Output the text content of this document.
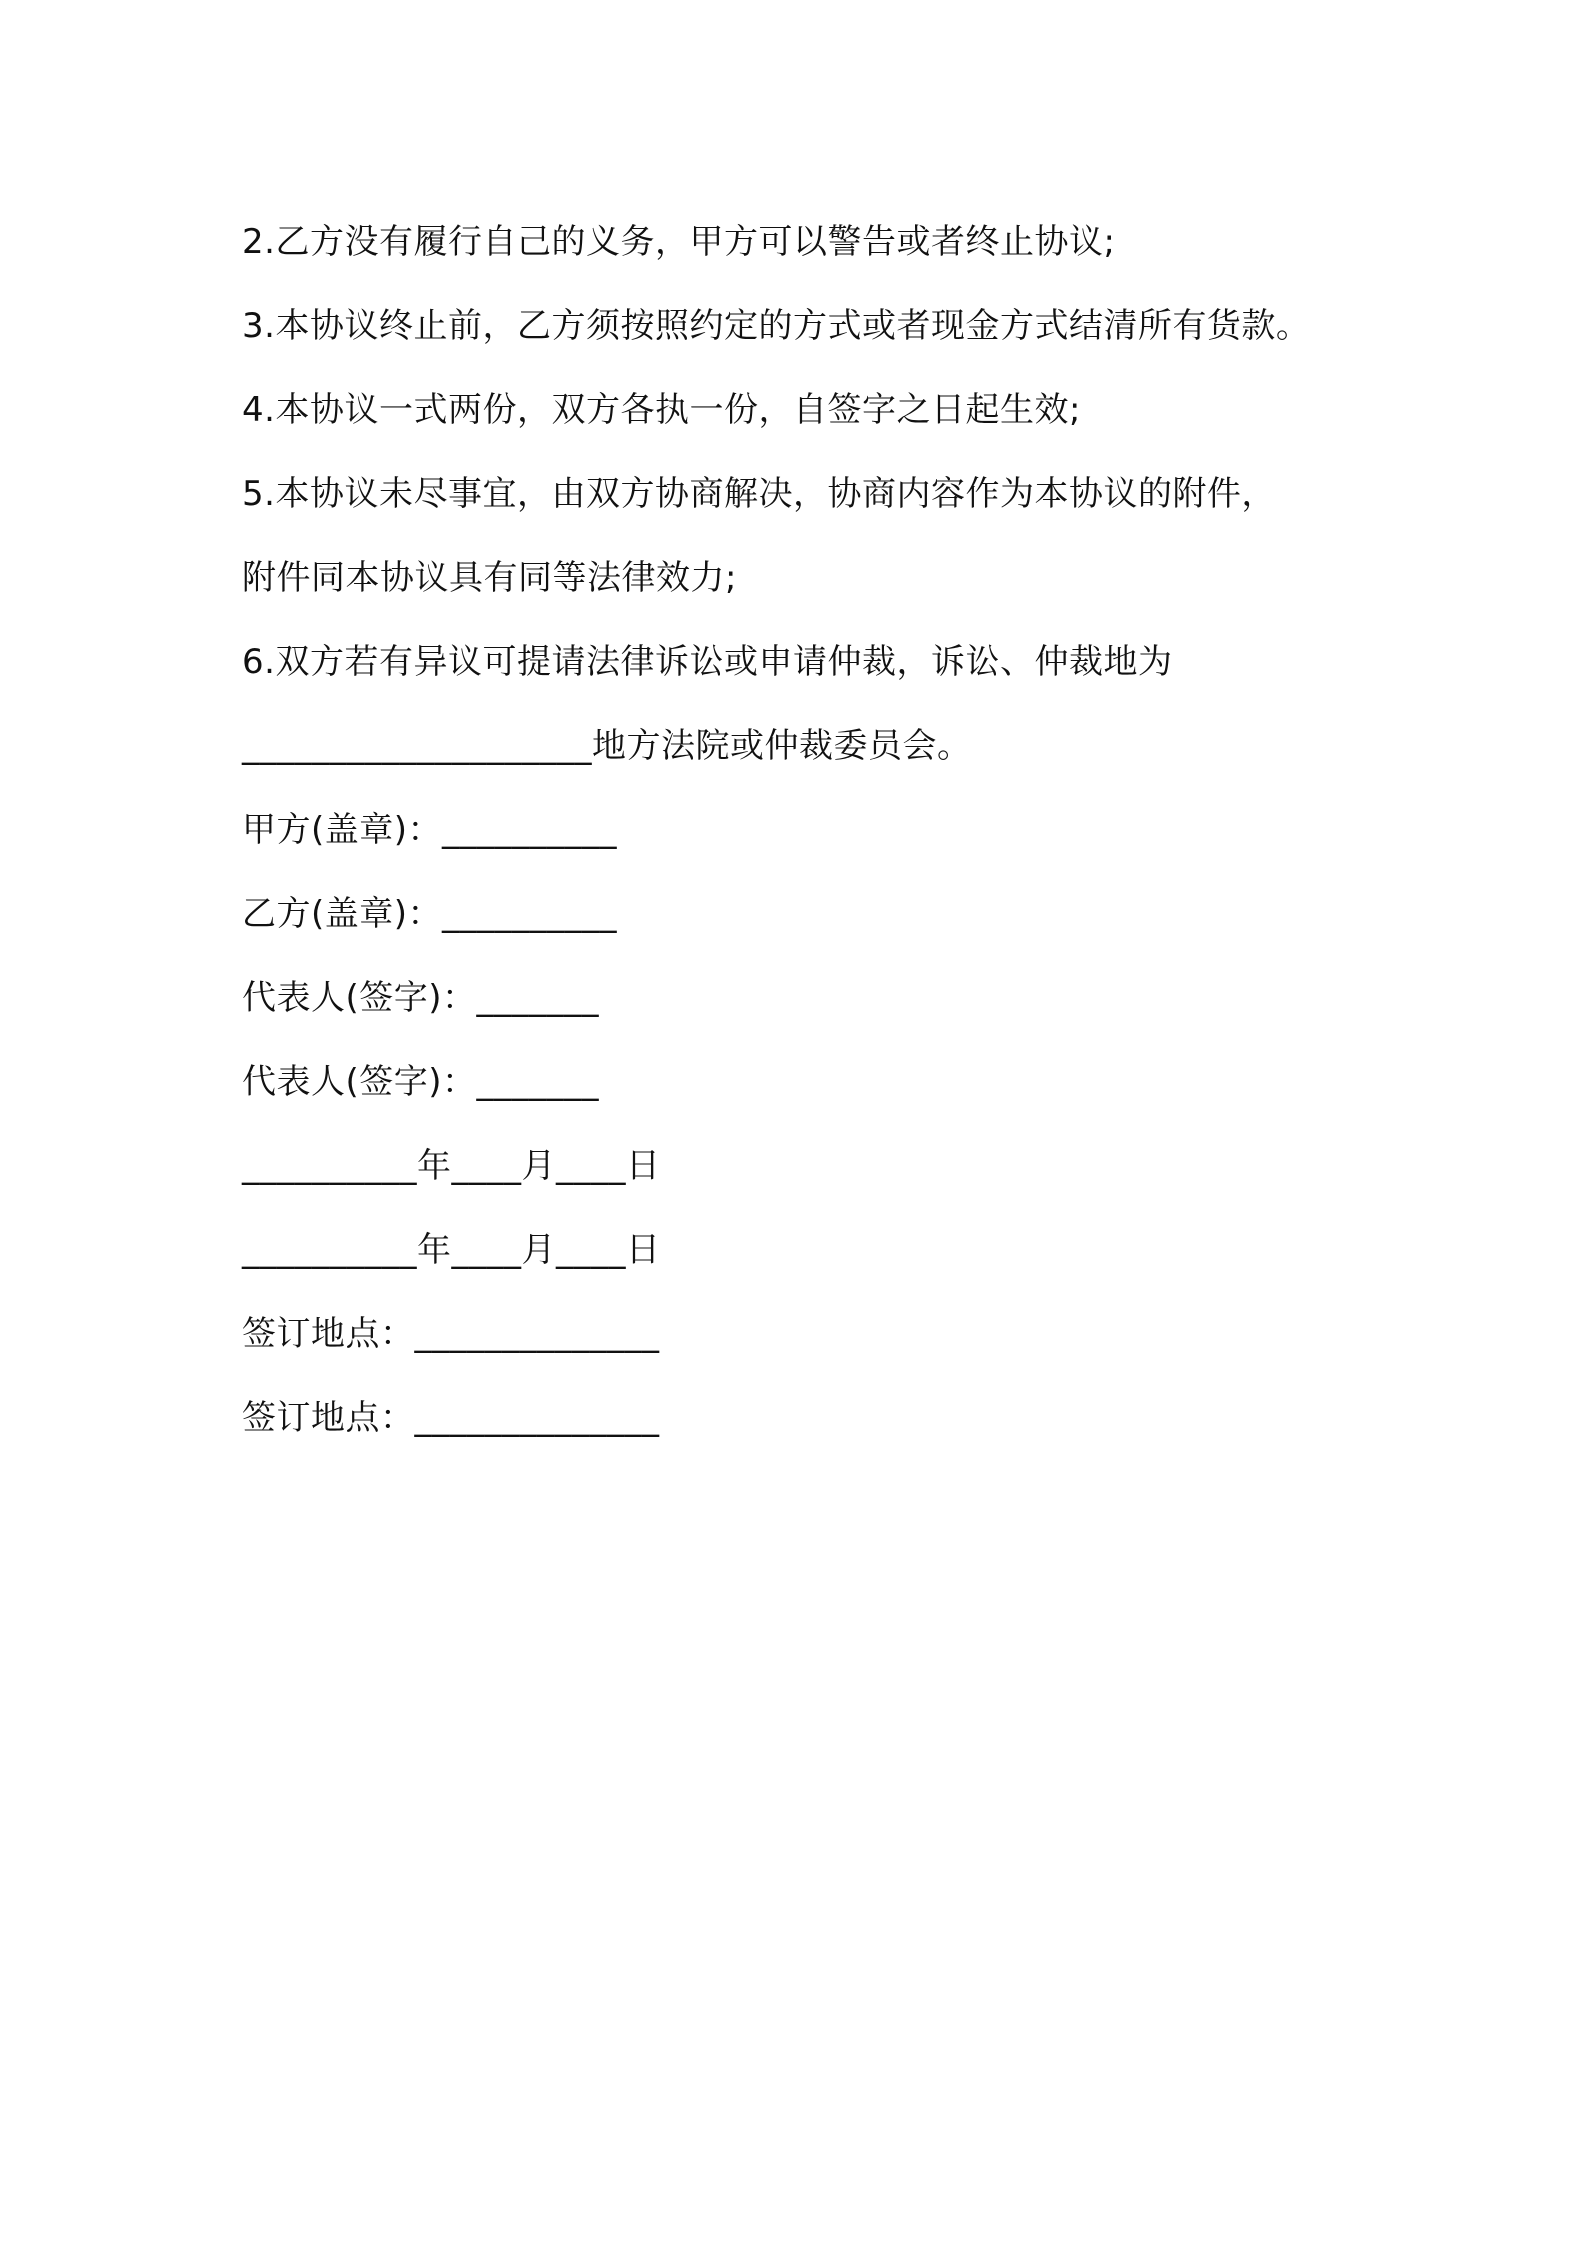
2.乙方没有履行自己的义务，甲方可以警告或者终止协议;
3.本协议终止前，乙方须按照约定的方式或者现金方式结清所有货款。
4.本协议一式两份，双方各执一份，自签字之日起生效;
5.本协议未尽事宜，由双方协商解决，协商内容作为本协议的附件，
附件同本协议具有同等法律效力;
6.双方若有异议可提请法律诉讼或申请仲裁，诉讼、仲裁地为
____________________地方法院或仲裁委员会。
甲方(盖章)：__________
乙方(盖章)：__________
代表人(签字)：_______
代表人(签字)：_______
__________年____月____日
__________年____月____日
签订地点：______________
签订地点：______________
